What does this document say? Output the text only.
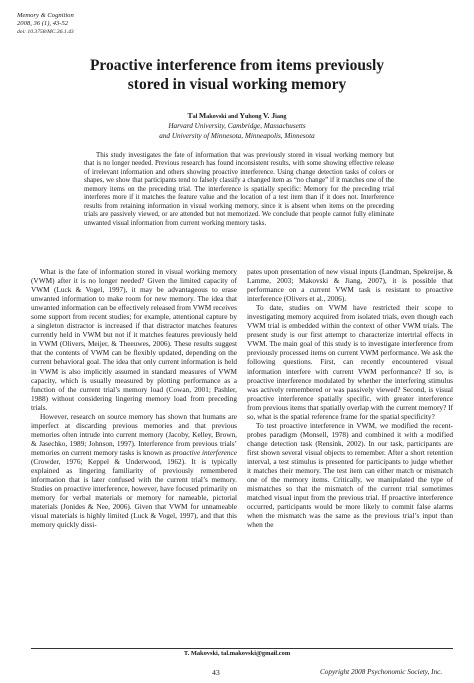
Memory & Cognition
2008, 36 (1), 43-52
doi: 10.3758/MC.36.1.43
Proactive interference from items previously
stored in visual working memory
Tal Makovski and Yuhong V. Jiang
Harvard University, Cambridge, Massachusetts
and University of Minnesota, Minneapolis, Minnesota
This study investigates the fate of information that was previously stored in visual working memory but that is no longer needed. Previous research has found inconsistent results, with some showing effective release of irrelevant information and others showing proactive interference. Using change detection tasks of colors or shapes, we show that participants tend to falsely classify a changed item as “no change” if it matches one of the memory items on the preceding trial. The interference is spatially specific: Memory for the preceding trial interferes more if it matches the feature value and the location of a test item than if it does not. Interference results from retaining information in visual working memory, since it is absent when items on the preceding trials are passively viewed, or are attended but not memorized. We conclude that people cannot fully eliminate unwanted visual information from current working memory tasks.

What is the fate of information stored in visual working memory (VWM) after it is no longer needed? Given the limited capacity of VWM (Luck & Vogel, 1997), it may be advantageous to erase unwanted information to make room for new memory. The idea that unwanted information can be effectively released from VWM receives some support from recent studies; for example, attentional capture by a singleton distractor is increased if that distractor matches features currently held in VWM but not if it matches features previously held in VWM (Olivers, Meijer, & Theeuwes, 2006). These results suggest that the contents of VWM can be flexibly updated, depending on the current behavioral goal. The idea that only current information is held in VWM is also implicitly assumed in standard measures of VWM capacity, which is usually measured by plotting performance as a function of the current trial’s memory load (Cowan, 2001; Pashler, 1988) without considering lingering memory load from preceding trials.

However, research on source memory has shown that humans are imperfect at discarding previous memories and that previous memories often intrude into current memory (Jacoby, Kelley, Brown, & Jasechko, 1989; Johnson, 1997). Interference from previous trials’ memories on current memory tasks is known as proactive interference (Crowder, 1976; Keppel & Underwood, 1962). It is typically explained as lingering familiarity of previously remembered information that is later confused with the current trial’s memory. Studies on proactive interference, however, have focused primarily on memory for verbal materials or memory for nameable, pictorial materials (Jonides & Nee, 2006). Given that VWM for unnameable visual materials is highly limited (Luck & Vogel, 1997), and that this memory quickly dissi-

pates upon presentation of new visual inputs (Landman, Spekreijse, & Lamme, 2003; Makovski & Jiang, 2007), it is possible that performance on a current VWM task is resistant to proactive interference (Olivers et al., 2006).

To date, studies on VWM have restricted their scope to investigating memory acquired from isolated trials, even though each VWM trial is embedded within the context of other VWM trials. The present study is our first attempt to characterize intertrial effects in VWM. The main goal of this study is to investigate interference from previously processed items on current VWM performance. We ask the following questions. First, can recently encountered visual information interfere with current VWM performance? If so, is proactive interference modulated by whether the interfering stimulus was actively remembered or was passively viewed? Second, is visual proactive interference spatially specific, with greater interference from previous items that spatially overlap with the current memory? If so, what is the spatial reference frame for the spatial specificity?

To test proactive interference in VWM, we modified the recent-probes paradigm (Monsell, 1978) and combined it with a modified change detection task (Rensink, 2002). In our task, participants are first shown several visual objects to remember. After a short retention interval, a test stimulus is presented for participants to judge whether it matches their memory. The test item can either match or mismatch one of the memory items. Critically, we manipulated the type of mismatches so that the mismatch of the current trial sometimes matched visual input from the previous trial. If proactive interference occurred, participants would be more likely to commit false alarms when the mismatch was the same as the previous trial’s input than when the

T. Makovski, tal.makovski@gmail.com
43	Copyright 2008 Psychonomic Society, Inc.
